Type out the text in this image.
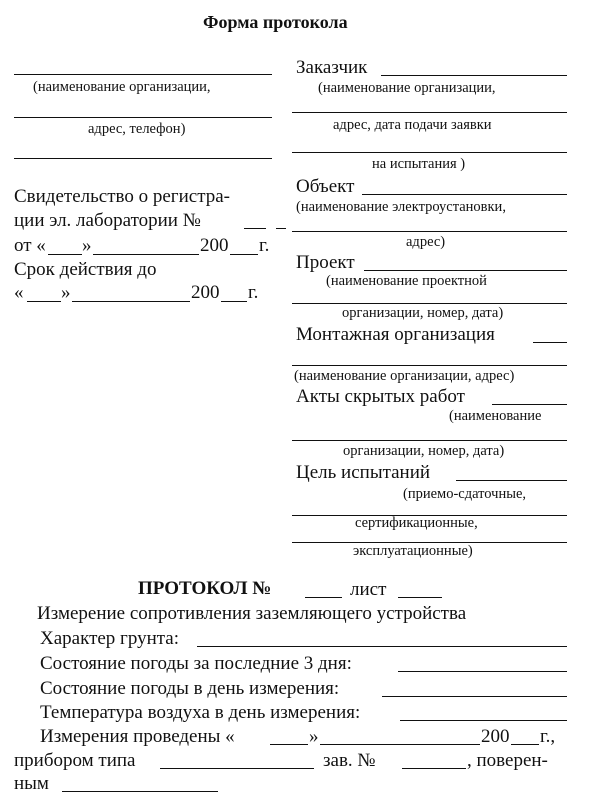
Форма протокола
(наименование организации,
адрес, телефон)
Свидетельство о регистра-
ции эл. лаборатории №
от « »	200 г.
Срок действия до
« »	200 г.
Заказчик
(наименование организации,
адрес, дата подачи заявки
на испытания )
Объект
(наименование электроустановки,
адрес)
Проект
(наименование проектной
организации, номер, дата)
Монтажная организация
(наименование организации, адрес)
Акты скрытых работ
(наименование
организации, номер, дата)
Цель испытаний
(приемо-сдаточные,
сертификационные,
эксплуатационные)
ПРОТОКОЛ №	лист
Измерение сопротивления заземляющего устройства
Характер грунта:
Состояние погоды за последние 3 дня:
Состояние погоды в день измерения:
Температура воздуха в день измерения:
Измерения проведены «	»	200 г.,
прибором типа	зав. №	, поверен-
ным
